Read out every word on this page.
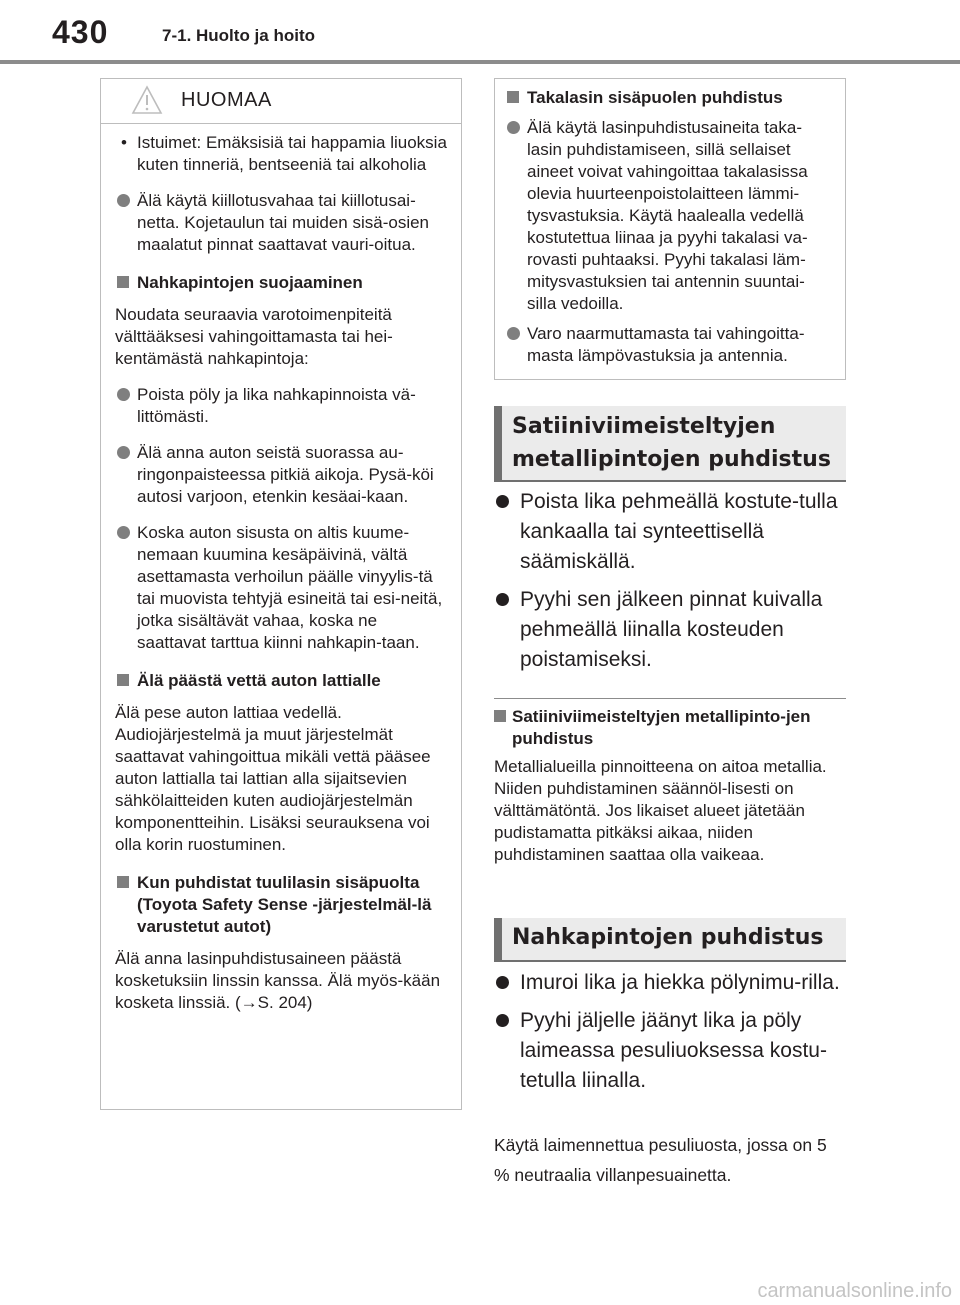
430	7-1. Huolto ja hoito
HUOMAA
• Istuimet: Emäksisiä tai happamia liuoksia kuten tinneriä, bentseeniä tai alkoholia
Älä käytä kiillotusvahaa tai kiillotusai-netta. Kojetaulun tai muiden sisä-osien maalatut pinnat saattavat vauri-oitua.
Nahkapintojen suojaaminen
Noudata seuraavia varotoimenpiteitä välttääksesi vahingoittamasta tai hei-kentämästä nahkapintoja:
Poista pöly ja lika nahkapinnoista vä-littömästi.
Älä anna auton seistä suorassa au-ringonpaisteessa pitkiä aikoja. Pysä-köi autosi varjoon, etenkin kesäai-kaan.
Koska auton sisusta on altis kuume-nemaan kuumina kesäpäivinä, vältä asettamasta verhoilun päälle vinyylis-tä tai muovista tehtyjä esineitä tai esi-neitä, jotka sisältävät vahaa, koska ne saattavat tarttua kiinni nahkapin-taan.
Älä päästä vettä auton lattialle
Älä pese auton lattiaa vedellä. Audiojärjestelmä ja muut järjestelmät saattavat vahingoittua mikäli vettä pääsee auton lattialla tai lattian alla sijaitsevien sähkölaitteiden kuten audiojärjestelmän komponentteihin. Lisäksi seurauksena voi olla korin ruostuminen.
Kun puhdistat tuulilasin sisäpuolta (Toyota Safety Sense -järjestelmäl-lä varustetut autot)
Älä anna lasinpuhdistusaineen päästä kosketuksiin linssin kanssa. Älä myös-kään kosketa linssiä. (→S. 204)
Takalasin sisäpuolen puhdistus
Älä käytä lasinpuhdistusaineita taka-lasin puhdistamiseen, sillä sellaiset aineet voivat vahingoittaa takalasissa olevia huurteenpoistolaitteen lämmi-tysvastuksia. Käytä haalealla vedellä kostutettua liinaa ja pyyhi takalasi va-rovasti puhtaaksi. Pyyhi takalasi läm-mitysvastuksien tai antennin suuntai-silla vedoilla.
Varo naarmuttamasta tai vahingoitta-masta lämpövastuksia ja antennia.
Satiiniviimeisteltyjen
metallipintojen puhdistus
Poista lika pehmeällä kostute-tulla kankaalla tai synteettisellä säämiskällä.
Pyyhi sen jälkeen pinnat kuivalla pehmeällä liinalla kosteuden poistamiseksi.
Satiiniviimeisteltyjen metallipinto-jen puhdistus
Metallialueilla pinnoitteena on aitoa metallia. Niiden puhdistaminen säännöl-lisesti on välttämätöntä. Jos likaiset alueet jätetään pudistamatta pitkäksi aikaa, niiden puhdistaminen saattaa olla vaikeaa.
Nahkapintojen puhdistus
Imuroi lika ja hiekka pölynimu-rilla.
Pyyhi jäljelle jäänyt lika ja pöly laimeassa pesuliuoksessa kostu-tetulla liinalla.
Käytä laimennettua pesuliuosta, jossa on 5 % neutraalia villanpesuainetta.
carmanualsonline.info
